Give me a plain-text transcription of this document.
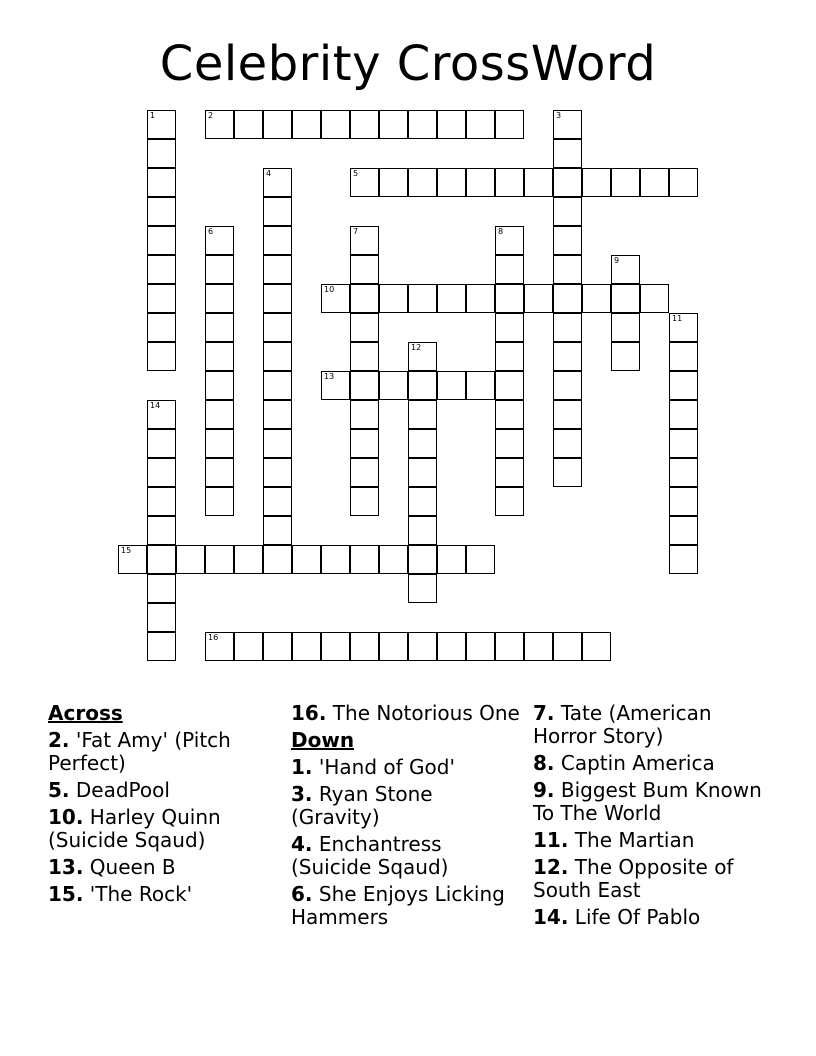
Celebrity CrossWord
1	2	3
4	5
6	7	8
9
10
11
12
13
14
15
16
Across
2. 'Fat Amy' (Pitch Perfect)
5. DeadPool
10. Harley Quinn (Suicide Sqaud)
13. Queen B
15. 'The Rock'
16. The Notorious One
Down
1. 'Hand of God'
3. Ryan Stone (Gravity)
4. Enchantress (Suicide Sqaud)
6. She Enjoys Licking Hammers
7. Tate (American Horror Story)
8. Captin America
9. Biggest Bum Known To The World
11. The Martian
12. The Opposite of South East
14. Life Of Pablo
